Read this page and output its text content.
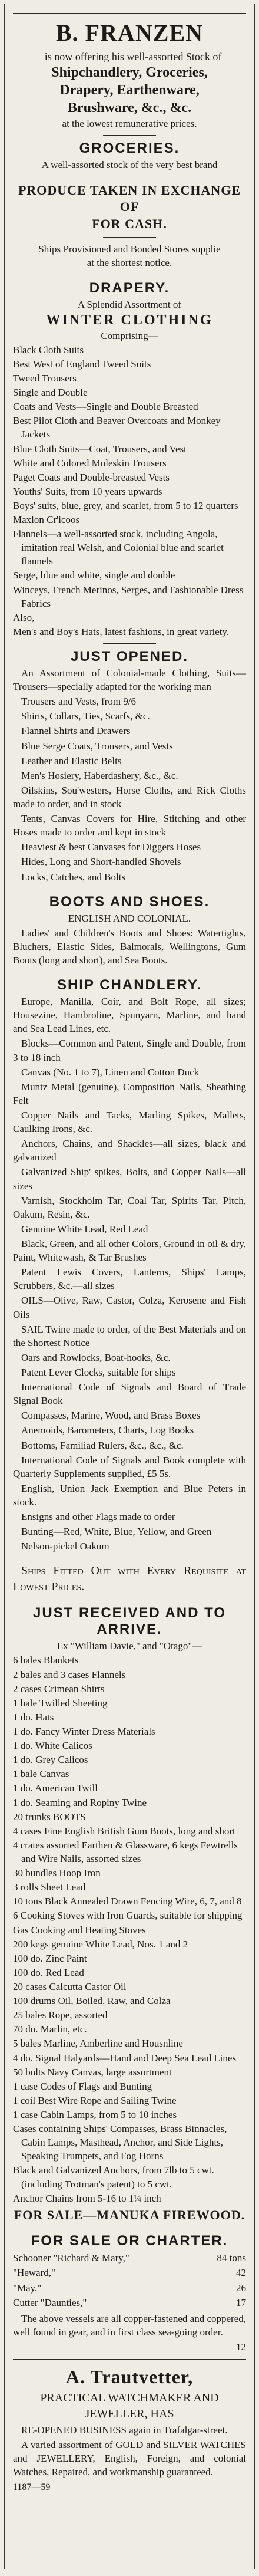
B. FRANZEN
is now offering his well-assorted Stock of
Shipchandlery, Groceries,
Drapery, Earthenware,
Brushware, &c., &c.
at the lowest remunerative prices.
GROCERIES.
A well-assorted stock of the very best brand
PRODUCE TAKEN IN EXCHANGE OF
FOR CASH.
Ships Provisioned and Bonded Stores supplie
at the shortest notice.
DRAPERY.
A Splendid Assortment of
WINTER CLOTHING
Comprising—
Black Cloth Suits
Best West of England Tweed Suits
Tweed Trousers
Single and Double
Coats and Vests—Single and Double Breasted
Best Pilot Cloth and Beaver Overcoats and Monkey Jackets
Blue Cloth Suits—Coat, Trousers, and Vest
White and Colored Moleskin Trousers
Paget Coats and Double-breasted Vests
Youths' Suits, from 10 years upwards
Boys' suits, blue, grey, and scarlet, from 5 to 12 quarters
Maxlon Cr'icoos
Flannels—a well-assorted stock, including Angola, imitation real Welsh, and Colonial blue and scarlet flannels
Serge, blue and white, single and double
Winceys, French Merinos, Serges, and Fashionable Dress Fabrics
Also,
Men's and Boy's Hats, latest fashions, in great variety.
JUST OPENED.
An Assortment of Colonial-made Clothing, Suits—Trousers—specially adapted for the working man
Trousers and Vests, from 9/6
Shirts, Collars, Ties, Scarfs, &c.
Flannel Shirts and Drawers
Blue Serge Coats, Trousers, and Vests
Leather and Elastic Belts
Men's Hosiery, Haberdashery, &c., &c.
Oilskins, Sou'westers, Horse Cloths, and Rick Cloths made to order, and in stock
Tents, Canvas Covers for Hire, Stitching and other Hoses made to order and kept in stock
Heaviest & best Canvases for Diggers Hoses
Hides, Long and Short-handled Shovels
Locks, Catches, and Bolts
BOOTS AND SHOES.
ENGLISH AND COLONIAL.
Ladies' and Children's Boots and Shoes: Watertights, Bluchers, Elastic Sides, Balmorals, Wellingtons, Gum Boots (long and short), and Sea Boots.
SHIP CHANDLERY.
Europe, Manilla, Coir, and Bolt Rope, all sizes; Housezine, Hambroline, Spunyarn, Marline, and hand and Sea Lead Lines, etc.
Blocks—Common and Patent, Single and Double, from 3 to 18 inch
Canvas (No. 1 to 7), Linen and Cotton Duck
Muntz Metal (genuine), Composition Nails, Sheathing Felt
Copper Nails and Tacks, Marling Spikes, Mallets, Caulking Irons, &c.
Anchors, Chains, and Shackles—all sizes, black and galvanized
Galvanized Ship' spikes, Bolts, and Copper Nails—all sizes
Varnish, Stockholm Tar, Coal Tar, Spirits Tar, Pitch, Oakum, Resin, &c.
Genuine White Lead, Red Lead
Black, Green, and all other Colors, Ground in oil & dry, Paint, Whitewash, & Tar Brushes
Patent Lewis Covers, Lanterns, Ships' Lamps, Scrubbers, &c.—all sizes
OILS—Olive, Raw, Castor, Colza, Kerosene and Fish Oils
SAIL Twine made to order, of the Best Materials and on the Shortest Notice
Oars and Rowlocks, Boat-hooks, &c.
Patent Lever Clocks, suitable for ships
International Code of Signals and Board of Trade Signal Book
Compasses, Marine, Wood, and Brass Boxes
Anemoids, Barometers, Charts, Log Books
Bottoms, Familiad Rulers, &c., &c., &c.
International Code of Signals and Book complete with Quarterly Supplements supplied, £5 5s.
English, Union Jack Exemption and Blue Peters in stock.
Ensigns and other Flags made to order
Bunting—Red, White, Blue, Yellow, and Green
Nelson-pickel Oakum
Ships Fitted Out with Every Requisite at Lowest Prices.
JUST RECEIVED AND TO ARRIVE.
Ex "William Davie," and "Otago"—
6 bales Blankets
2 bales and 3 cases Flannels
2 cases Crimean Shirts
1 bale Twilled Sheeting
1 do. Hats
1 do. Fancy Winter Dress Materials
1 do. White Calicos
1 do. Grey Calicos
1 bale Canvas
1 do. American Twill
1 do. Seaming and Ropiny Twine
20 trunks BOOTS
4 cases Fine English British Gum Boots, long and short
4 crates assorted Earthen & Glassware, 6 kegs Fewtrells and Wire Nails, assorted sizes
30 bundles Hoop Iron
3 rolls Sheet Lead
10 tons Black Annealed Drawn Fencing Wire, 6, 7, and 8
6 Cooking Stoves with Iron Guards, suitable for shipping
Gas Cooking and Heating Stoves
200 kegs genuine White Lead, Nos. 1 and 2
100 do. Zinc Paint
100 do. Red Lead
20 cases Calcutta Castor Oil
100 drums Oil, Boiled, Raw, and Colza
25 bales Rope, assorted
70 do. Marlin, etc.
5 bales Marline, Amberline and Housnline
4 do. Signal Halyards—Hand and Deep Sea Lead Lines
50 bolts Navy Canvas, large assortment
1 case Codes of Flags and Bunting
1 coil Best Wire Rope and Sailing Twine
1 case Cabin Lamps, from 5 to 10 inches
Cases containing Ships' Compasses, Brass Binnacles, Cabin Lamps, Masthead, Anchor, and Side Lights, Speaking Trumpets, and Fog Horns
Black and Galvanized Anchors, from 7lb to 5 cwt. (including Trotman's patent) to 5 cwt.
Anchor Chains from 5-16 to 1¼ inch
FOR SALE—MANUKA FIREWOOD.
FOR SALE OR CHARTER.
Schooner "Richard & Mary,"	84 tons
"Heward,"	42
"May,"	26
Cutter "Daunties,"	17
The above vessels are all copper-fastened and coppered, well found in gear, and in first class sea-going order.
12
A. Trautvetter,
PRACTICAL WATCHMAKER AND
JEWELLER, HAS
RE-OPENED BUSINESS again in Trafalgar-street.
A varied assortment of GOLD and SILVER WATCHES and JEWELLERY, English, Foreign, and colonial Watches, Repaired, and workmanship guaranteed.
1187—59
